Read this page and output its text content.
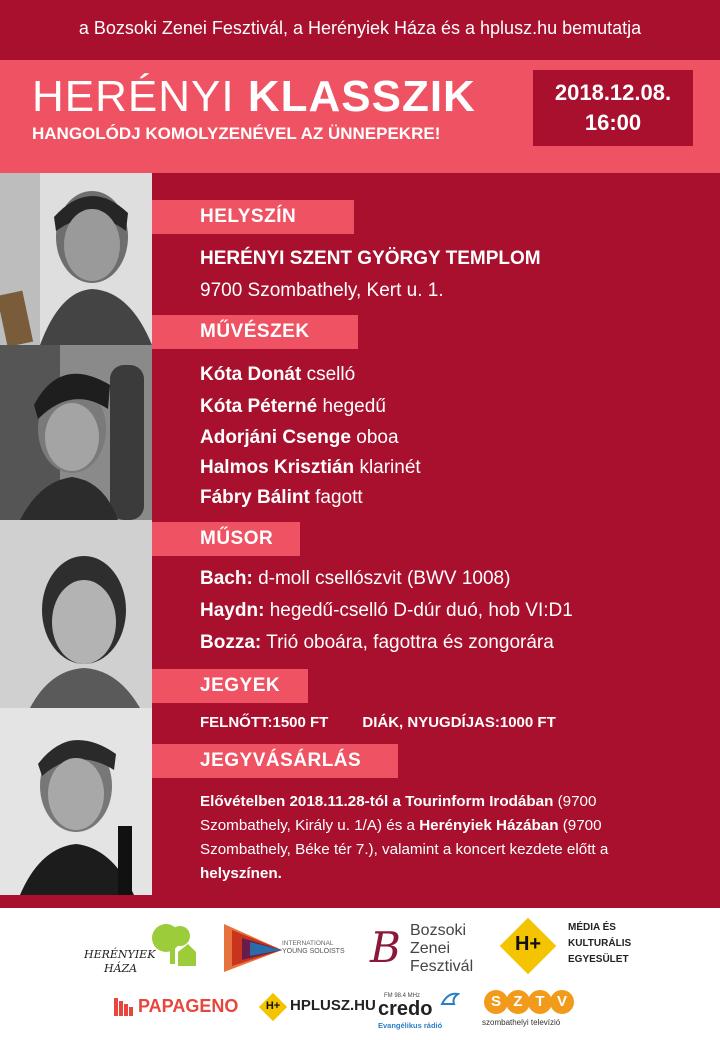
a Bozsoki Zenei Fesztivál, a Herényiek Háza és a hplusz.hu bemutatja
HERÉNYI KLASSZIK
HANGOLÓDJ KOMOLYZENÉVEL AZ ÜNNEPEKRE!
2018.12.08.
16:00
HELYSZÍN
HERÉNYI SZENT GYÖRGY TEMPLOM
9700 Szombathely, Kert u. 1.
MŰVÉSZEK
Kóta Donát cselló
Kóta Péterné hegedű
Adorjáni Csenge oboa
Halmos Krisztián klarinét
Fábry Bálint fagott
MŰSOR
Bach: d-moll csellószvit (BWV 1008)
Haydn: hegedű-cselló D-dúr duó, hob VI:D1
Bozza: Trió oboára, fagottra és zongorára
JEGYEK
FELNŐTT:1500 FT DIÁK, NYUGDÍJAS:1000 FT
JEGYVÁSÁRLÁS
Elővételben 2018.11.28-tól a Tourinform Irodában (9700 Szombathely, Király u. 1/A) és a Herényiek Házában (9700 Szombathely, Béke tér 7.), valamint a koncert kezdete előtt a helyszínen.
HERÉNYIEK
HÁZA
INTERNATIONAL
YOUNG SOLOISTS B Bozsoki
Zenei
Fesztivál
H+
MÉDIA ÉS
KULTURÁLIS
EGYESÜLET
PAPAGENO	H+ HPLUSZ.HU
FM 98.4 MHz
credo
Evangélikus rádió
S Z T V
szombathelyi televízió
